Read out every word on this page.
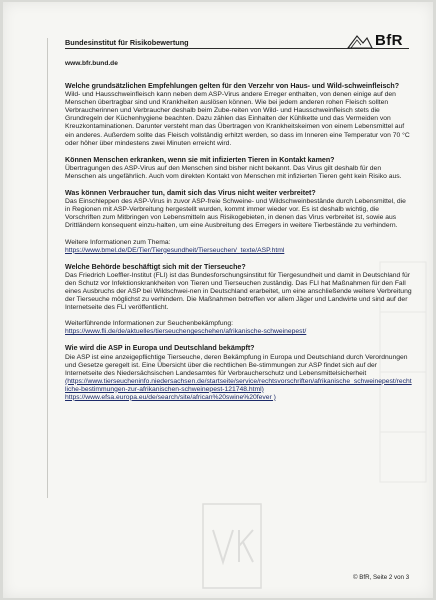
Bundesinstitut für Risikobewertung
www.bfr.bund.de
BfR
Welche grundsätzlichen Empfehlungen gelten für den Verzehr von Haus- und Wild-schweinfleisch?

Wild- und Hausschweinfleisch kann neben dem ASP-Virus andere Erreger enthalten, von denen einige auf den Menschen übertragbar sind und Krankheiten auslösen können. Wie bei jedem anderen rohen Fleisch sollten Verbraucherinnen und Verbraucher deshalb beim Zube-reiten von Wild- und Hausschweinfleisch stets die Grundregeln der Küchenhygiene beachten. Dazu zählen das Einhalten der Kühlkette und das Vermeiden von Kreuzkontaminationen. Darunter versteht man das Übertragen von Krankheitskeimen von einem Lebensmittel auf ein anderes. Außerdem sollte das Fleisch vollständig erhitzt werden, so dass im Inneren eine Temperatur von 70 °C oder höher über mindestens zwei Minuten erreicht wird.

Können Menschen erkranken, wenn sie mit infizierten Tieren in Kontakt kamen?

Übertragungen des ASP-Virus auf den Menschen sind bisher nicht bekannt. Das Virus gilt deshalb für den Menschen als ungefährlich. Auch vom direkten Kontakt von Menschen mit infizierten Tieren geht kein Risiko aus.

Was können Verbraucher tun, damit sich das Virus nicht weiter verbreitet?

Das Einschleppen des ASP-Virus in zuvor ASP-freie Schweine- und Wildschweinbestände durch Lebensmittel, die in Regionen mit ASP-Verbreitung hergestellt wurden, kommt immer wieder vor. Es ist deshalb wichtig, die Vorschriften zum Mitbringen von Lebensmitteln aus Risikogebieten, in denen das Virus verbreitet ist, sowie aus Drittländern konsequent einzu-halten, um eine Ausbreitung des Erregers in weitere Tierbestände zu verhindern.

Weitere Informationen zum Thema:

https://www.bmel.de/DE/Tier/Tiergesundheit/Tierseuchen/_texte/ASP.html
Welche Behörde beschäftigt sich mit der Tierseuche?

Das Friedrich Loeffler-Institut (FLI) ist das Bundesforschungsinstitut für Tiergesundheit und damit in Deutschland für den Schutz vor Infektionskrankheiten von Tieren und Tierseuchen zuständig. Das FLI hat Maßnahmen für den Fall eines Ausbruchs der ASP bei Wildschwei-nen in Deutschland erarbeitet, um eine anschließende weitere Verbreitung der Tierseuche möglichst zu verhindern. Die Maßnahmen betreffen vor allem Jäger und Landwirte und sind auf der Internetseite des FLI veröffentlicht.

Weiterführende Informationen zur Seuchenbekämpfung:

https://www.fli.de/de/aktuelles/tierseuchengeschehen/afrikanische-schweinepest/
Wie wird die ASP in Europa und Deutschland bekämpft?

Die ASP ist eine anzeigepflichtige Tierseuche, deren Bekämpfung in Europa und Deutschland durch Verordnungen und Gesetze geregelt ist. Eine Übersicht über die rechtlichen Be-stimmungen zur ASP findet sich auf der Internetseite des Niedersächsischen Landesamtes für Verbraucherschutz und Lebensmittelsicherheit

(https://www.tierseucheninfo.niedersachsen.de/startseite/service/rechtsvorschriften/afrikanische_schweinepest/rechtliche-bestimmungen-zur-afrikanischen-schweinepest-121748.html)
https://www.efsa.europa.eu/de/search/site/african%20swine%20fever )
© BfR, Seite 2 von 3
